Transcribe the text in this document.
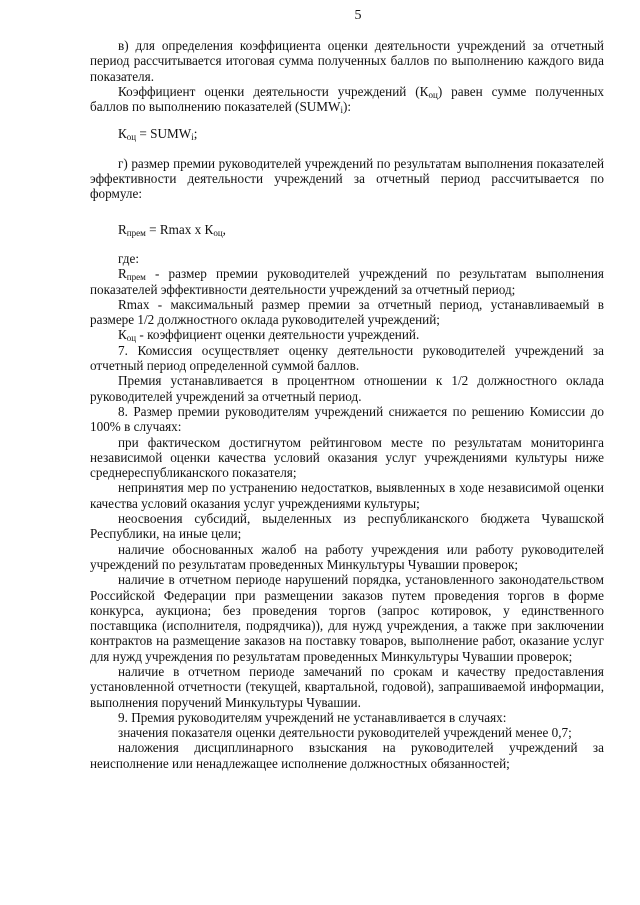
5

в) для определения коэффициента оценки деятельности учреждений за отчетный период рассчитывается итоговая сумма полученных баллов по выполнению каждого вида показателя.

Коэффициент оценки деятельности учреждений $(К_{оц})$ равен сумме полученных баллов по выполнению показателей $(SUMW_i)$:

$К_{оц}$ = $SUMW_i$;

г) размер премии руководителей учреждений по результатам выполнения показателей эффективности деятельности учреждений за отчетный период рассчитывается по формуле:

$R_{прем} = Rmax$ х $К_{оц}$,

где:

$R_{прем}$ - размер премии руководителей учреждений по результатам выполнения показателей эффективности деятельности учреждений за отчетный период;

Rmax - максимальный размер премии за отчетный период, устанавливаемый в размере 1/2 должностного оклада руководителей учреждений;

$К_{оц}$ - коэффициент оценки деятельности учреждений.

7. Комиссия осуществляет оценку деятельности руководителей учреждений за отчетный период определенной суммой баллов.

Премия устанавливается в процентном отношении к 1/2 должностного оклада руководителей учреждений за отчетный период.

8. Размер премии руководителям учреждений снижается по решению Комиссии до 100% в случаях:

при фактическом достигнутом рейтинговом месте по результатам мониторинга независимой оценки качества условий оказания услуг учреждениями культуры ниже среднереспубликанского показателя;

непринятия мер по устранению недостатков, выявленных в ходе независимой оценки качества условий оказания услуг учреждениями культуры;

неосвоения субсидий, выделенных из республиканского бюджета Чувашской Республики, на иные цели;

наличие обоснованных жалоб на работу учреждения или работу руководителей учреждений по результатам проведенных Минкультуры Чувашии проверок;

наличие в отчетном периоде нарушений порядка, установленного законодательством Российской Федерации при размещении заказов путем проведения торгов в форме конкурса, аукциона; без проведения торгов (запрос котировок, у единственного поставщика (исполнителя, подрядчика)), для нужд учреждения, а также при заключении контрактов на размещение заказов на поставку товаров, выполнение работ, оказание услуг для нужд учреждения по результатам проведенных Минкультуры Чувашии проверок;

наличие в отчетном периоде замечаний по срокам и качеству предоставления установленной отчетности (текущей, квартальной, годовой), запрашиваемой информации, выполнения поручений Минкультуры Чувашии.

9. Премия руководителям учреждений не устанавливается в случаях:

значения показателя оценки деятельности руководителей учреждений менее 0,7;

наложения дисциплинарного взыскания на руководителей учреждений за неисполнение или ненадлежащее исполнение должностных обязанностей;
